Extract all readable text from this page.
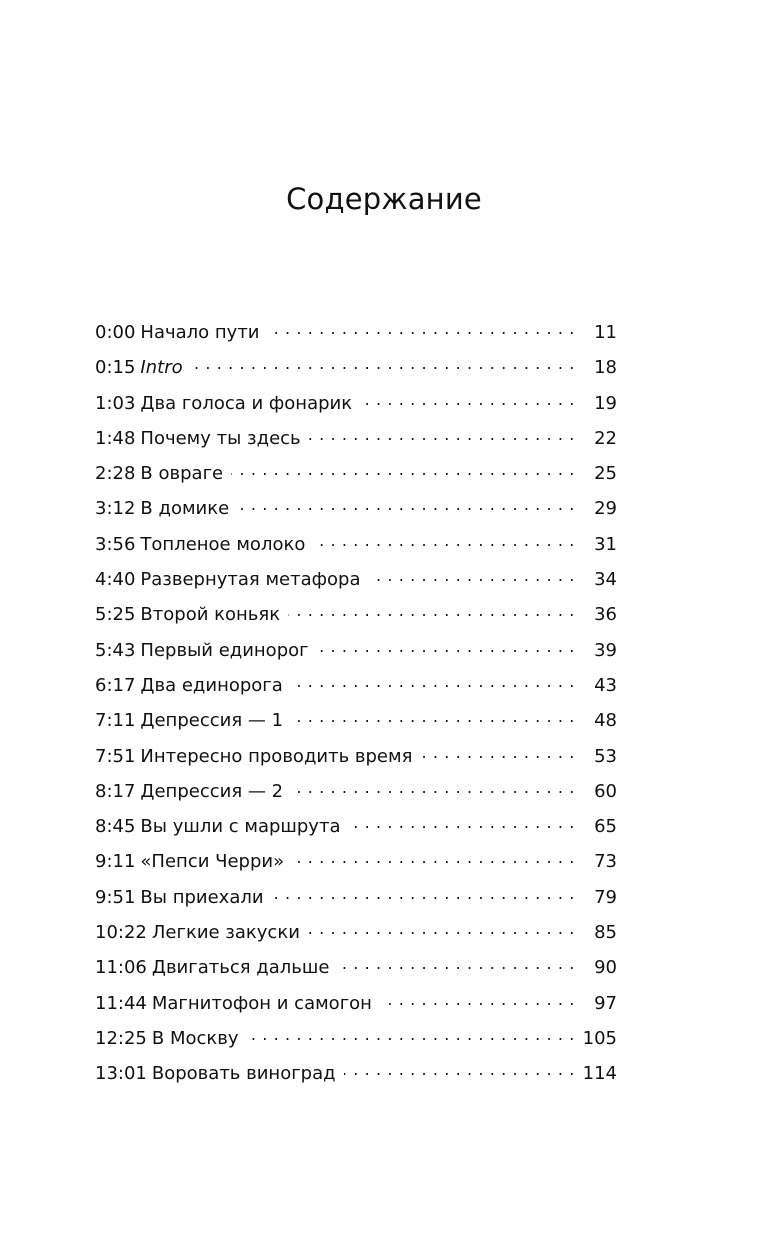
Содержание
0:00 Начало пути . . .	11
0:15 Intro . . .	18
1:03 Два голоса и фонарик . . .	19
1:48 Почему ты здесь . . .	22
2:28 В овраге . . .	25
3:12 В домике . . .	29
3:56 Топленое молоко . . .	31
4:40 Развернутая метафора . . .	34
5:25 Второй коньяк . . .	36
5:43 Первый единорог . . .	39
6:17 Два единорога . . .	43
7:11 Депрессия — 1 . . .	48
7:51 Интересно проводить время . . .	53
8:17 Депрессия — 2 . . .	60
8:45 Вы ушли с маршрута . . .	65
9:11 «Пепси Черри» . . .	73
9:51 Вы приехали . . .	79
10:22 Легкие закуски . . .	85
11:06 Двигаться дальше . . .	90
11:44 Магнитофон и самогон . . .	97
12:25 В Москву . . .	105
13:01 Воровать виноград . . .	114
